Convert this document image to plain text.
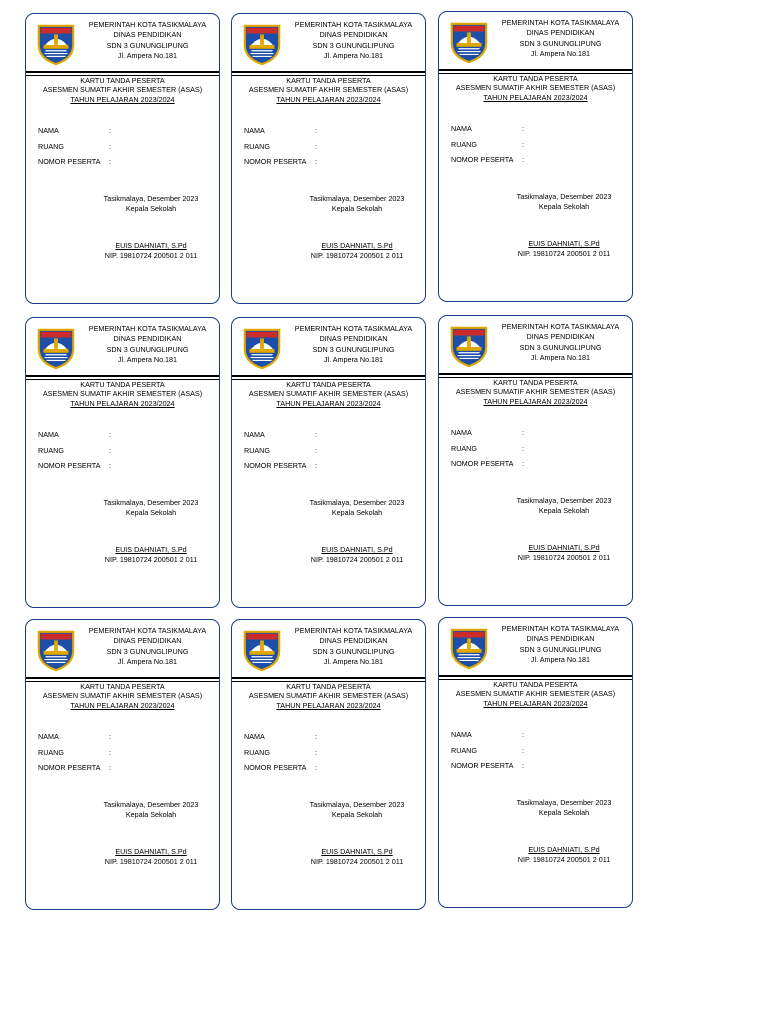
PEMERINTAH KOTA TASIKMALAYA
DINAS PENDIDIKAN
SDN 3 GUNUNGLIPUNG
Jl. Ampera No.181
KARTU TANDA PESERTA
ASESMEN SUMATIF AKHIR SEMESTER (ASAS)
TAHUN PELAJARAN 2023/2024
NAMA	:
RUANG	:
NOMOR PESERTA :
Tasikmalaya, Desember 2023
Kepala Sekolah
EUIS DAHNIATI, S.Pd
NIP. 19810724 200501 2 011
PEMERINTAH KOTA TASIKMALAYA
DINAS PENDIDIKAN
SDN 3 GUNUNGLIPUNG
Jl. Ampera No.181
KARTU TANDA PESERTA
ASESMEN SUMATIF AKHIR SEMESTER (ASAS)
TAHUN PELAJARAN 2023/2024
NAMA	:
RUANG	:
NOMOR PESERTA :
Tasikmalaya, Desember 2023
Kepala Sekolah
EUIS DAHNIATI, S.Pd
NIP. 19810724 200501 2 011
PEMERINTAH KOTA TASIKMALAYA
DINAS PENDIDIKAN
SDN 3 GUNUNGLIPUNG
Jl. Ampera No.181
KARTU TANDA PESERTA
ASESMEN SUMATIF AKHIR SEMESTER (ASAS)
TAHUN PELAJARAN 2023/2024
NAMA	:
RUANG	:
NOMOR PESERTA :
Tasikmalaya, Desember 2023
Kepala Sekolah
EUIS DAHNIATI, S.Pd
NIP. 19810724 200501 2 011
PEMERINTAH KOTA TASIKMALAYA
DINAS PENDIDIKAN
SDN 3 GUNUNGLIPUNG
Jl. Ampera No.181
KARTU TANDA PESERTA
ASESMEN SUMATIF AKHIR SEMESTER (ASAS)
TAHUN PELAJARAN 2023/2024
NAMA	:
RUANG	:
NOMOR PESERTA :
Tasikmalaya, Desember 2023
Kepala Sekolah
EUIS DAHNIATI, S.Pd
NIP. 19810724 200501 2 011
PEMERINTAH KOTA TASIKMALAYA
DINAS PENDIDIKAN
SDN 3 GUNUNGLIPUNG
Jl. Ampera No.181
KARTU TANDA PESERTA
ASESMEN SUMATIF AKHIR SEMESTER (ASAS)
TAHUN PELAJARAN 2023/2024
NAMA	:
RUANG	:
NOMOR PESERTA :
Tasikmalaya, Desember 2023
Kepala Sekolah
EUIS DAHNIATI, S.Pd
NIP. 19810724 200501 2 011
PEMERINTAH KOTA TASIKMALAYA
DINAS PENDIDIKAN
SDN 3 GUNUNGLIPUNG
Jl. Ampera No.181
KARTU TANDA PESERTA
ASESMEN SUMATIF AKHIR SEMESTER (ASAS)
TAHUN PELAJARAN 2023/2024
NAMA	:
RUANG	:
NOMOR PESERTA :
Tasikmalaya, Desember 2023
Kepala Sekolah
EUIS DAHNIATI, S.Pd
NIP. 19810724 200501 2 011
PEMERINTAH KOTA TASIKMALAYA
DINAS PENDIDIKAN
SDN 3 GUNUNGLIPUNG
Jl. Ampera No.181
KARTU TANDA PESERTA
ASESMEN SUMATIF AKHIR SEMESTER (ASAS)
TAHUN PELAJARAN 2023/2024
NAMA	:
RUANG	:
NOMOR PESERTA :
Tasikmalaya, Desember 2023
Kepala Sekolah
EUIS DAHNIATI, S.Pd
NIP. 19810724 200501 2 011
PEMERINTAH KOTA TASIKMALAYA
DINAS PENDIDIKAN
SDN 3 GUNUNGLIPUNG
Jl. Ampera No.181
KARTU TANDA PESERTA
ASESMEN SUMATIF AKHIR SEMESTER (ASAS)
TAHUN PELAJARAN 2023/2024
NAMA	:
RUANG	:
NOMOR PESERTA :
Tasikmalaya, Desember 2023
Kepala Sekolah
EUIS DAHNIATI, S.Pd
NIP. 19810724 200501 2 011
PEMERINTAH KOTA TASIKMALAYA
DINAS PENDIDIKAN
SDN 3 GUNUNGLIPUNG
Jl. Ampera No.181
KARTU TANDA PESERTA
ASESMEN SUMATIF AKHIR SEMESTER (ASAS)
TAHUN PELAJARAN 2023/2024
NAMA	:
RUANG	:
NOMOR PESERTA :
Tasikmalaya, Desember 2023
Kepala Sekolah
EUIS DAHNIATI, S.Pd
NIP. 19810724 200501 2 011
